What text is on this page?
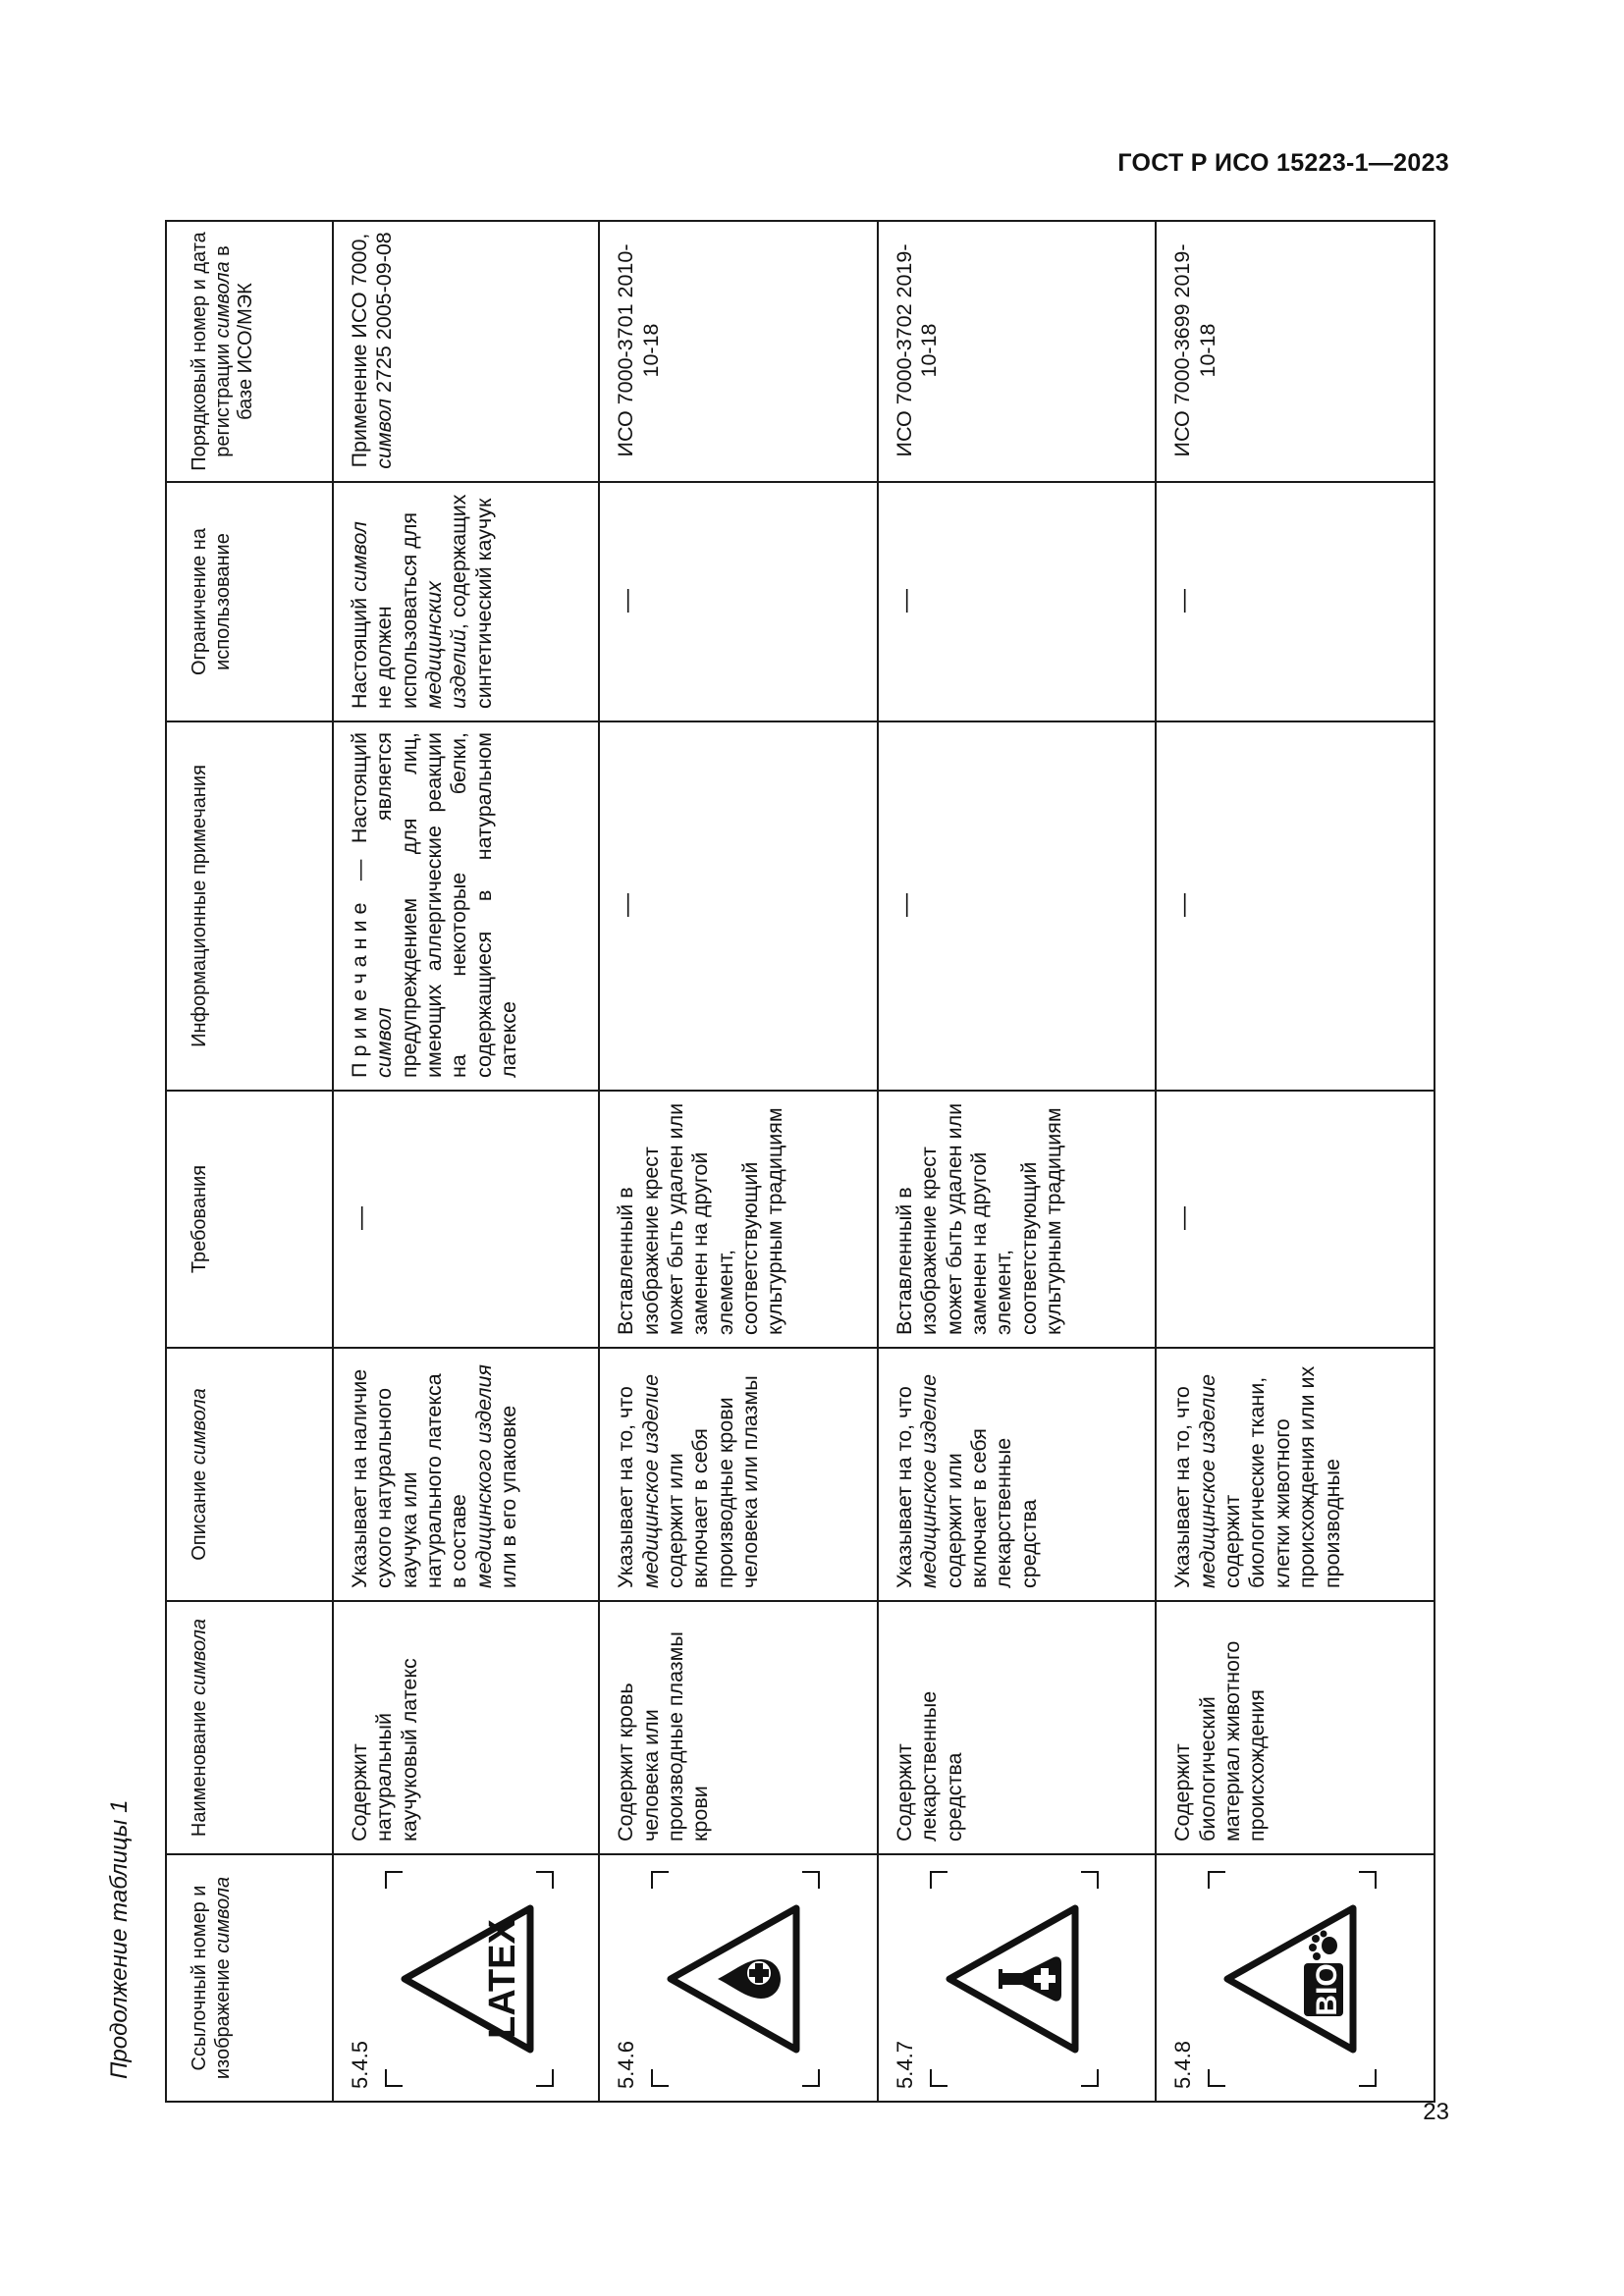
ГОСТ Р ИСО 15223-1—2023
Продолжение таблицы 1
23
Ссылочный номер и изображение символа	Наименование символа	Описание символа	Требования	Информационные примечания	Ограничение на использование	Порядковый номер и дата регистрации символа в базе ИСО/МЭК

5.4.5
LATEX	Содержит натуральный каучуковый латекс	Указывает на наличие сухого натурального каучука или натурального латекса в составе медицинского изделия или в его упаковке	—	Примечание — Настоящий символ является предупреждением для лиц, имеющих аллергические реакции на некоторые белки, содержащиеся в натуральном латексе	Настоящий символ не должен использоваться для медицинских изделий, содержащих синтетический каучук	Применение ИСО 7000, символ 2725 2005-09-08

5.4.6	Содержит кровь человека или производные плазмы крови	Указывает на то, что медицинское изделие содержит или включает в себя производные крови человека или плазмы	Вставленный в изображение крест может быть удален или заменен на другой элемент, соответствующий культурным традициям	—	—	ИСО 7000-3701 2010-10-18

5.4.7	Содержит лекарственные средства	Указывает на то, что медицинское изделие содержит или включает в себя лекарственные средства	Вставленный в изображение крест может быть удален или заменен на другой элемент, соответствующий культурным традициям	—	—	ИСО 7000-3702 2019-10-18

5.4.8
BIO	Содержит биологический материал животного происхождения	Указывает на то, что медицинское изделие содержит биологические ткани, клетки животного происхождения или их производные	—	—	—	ИСО 7000-3699 2019-10-18
